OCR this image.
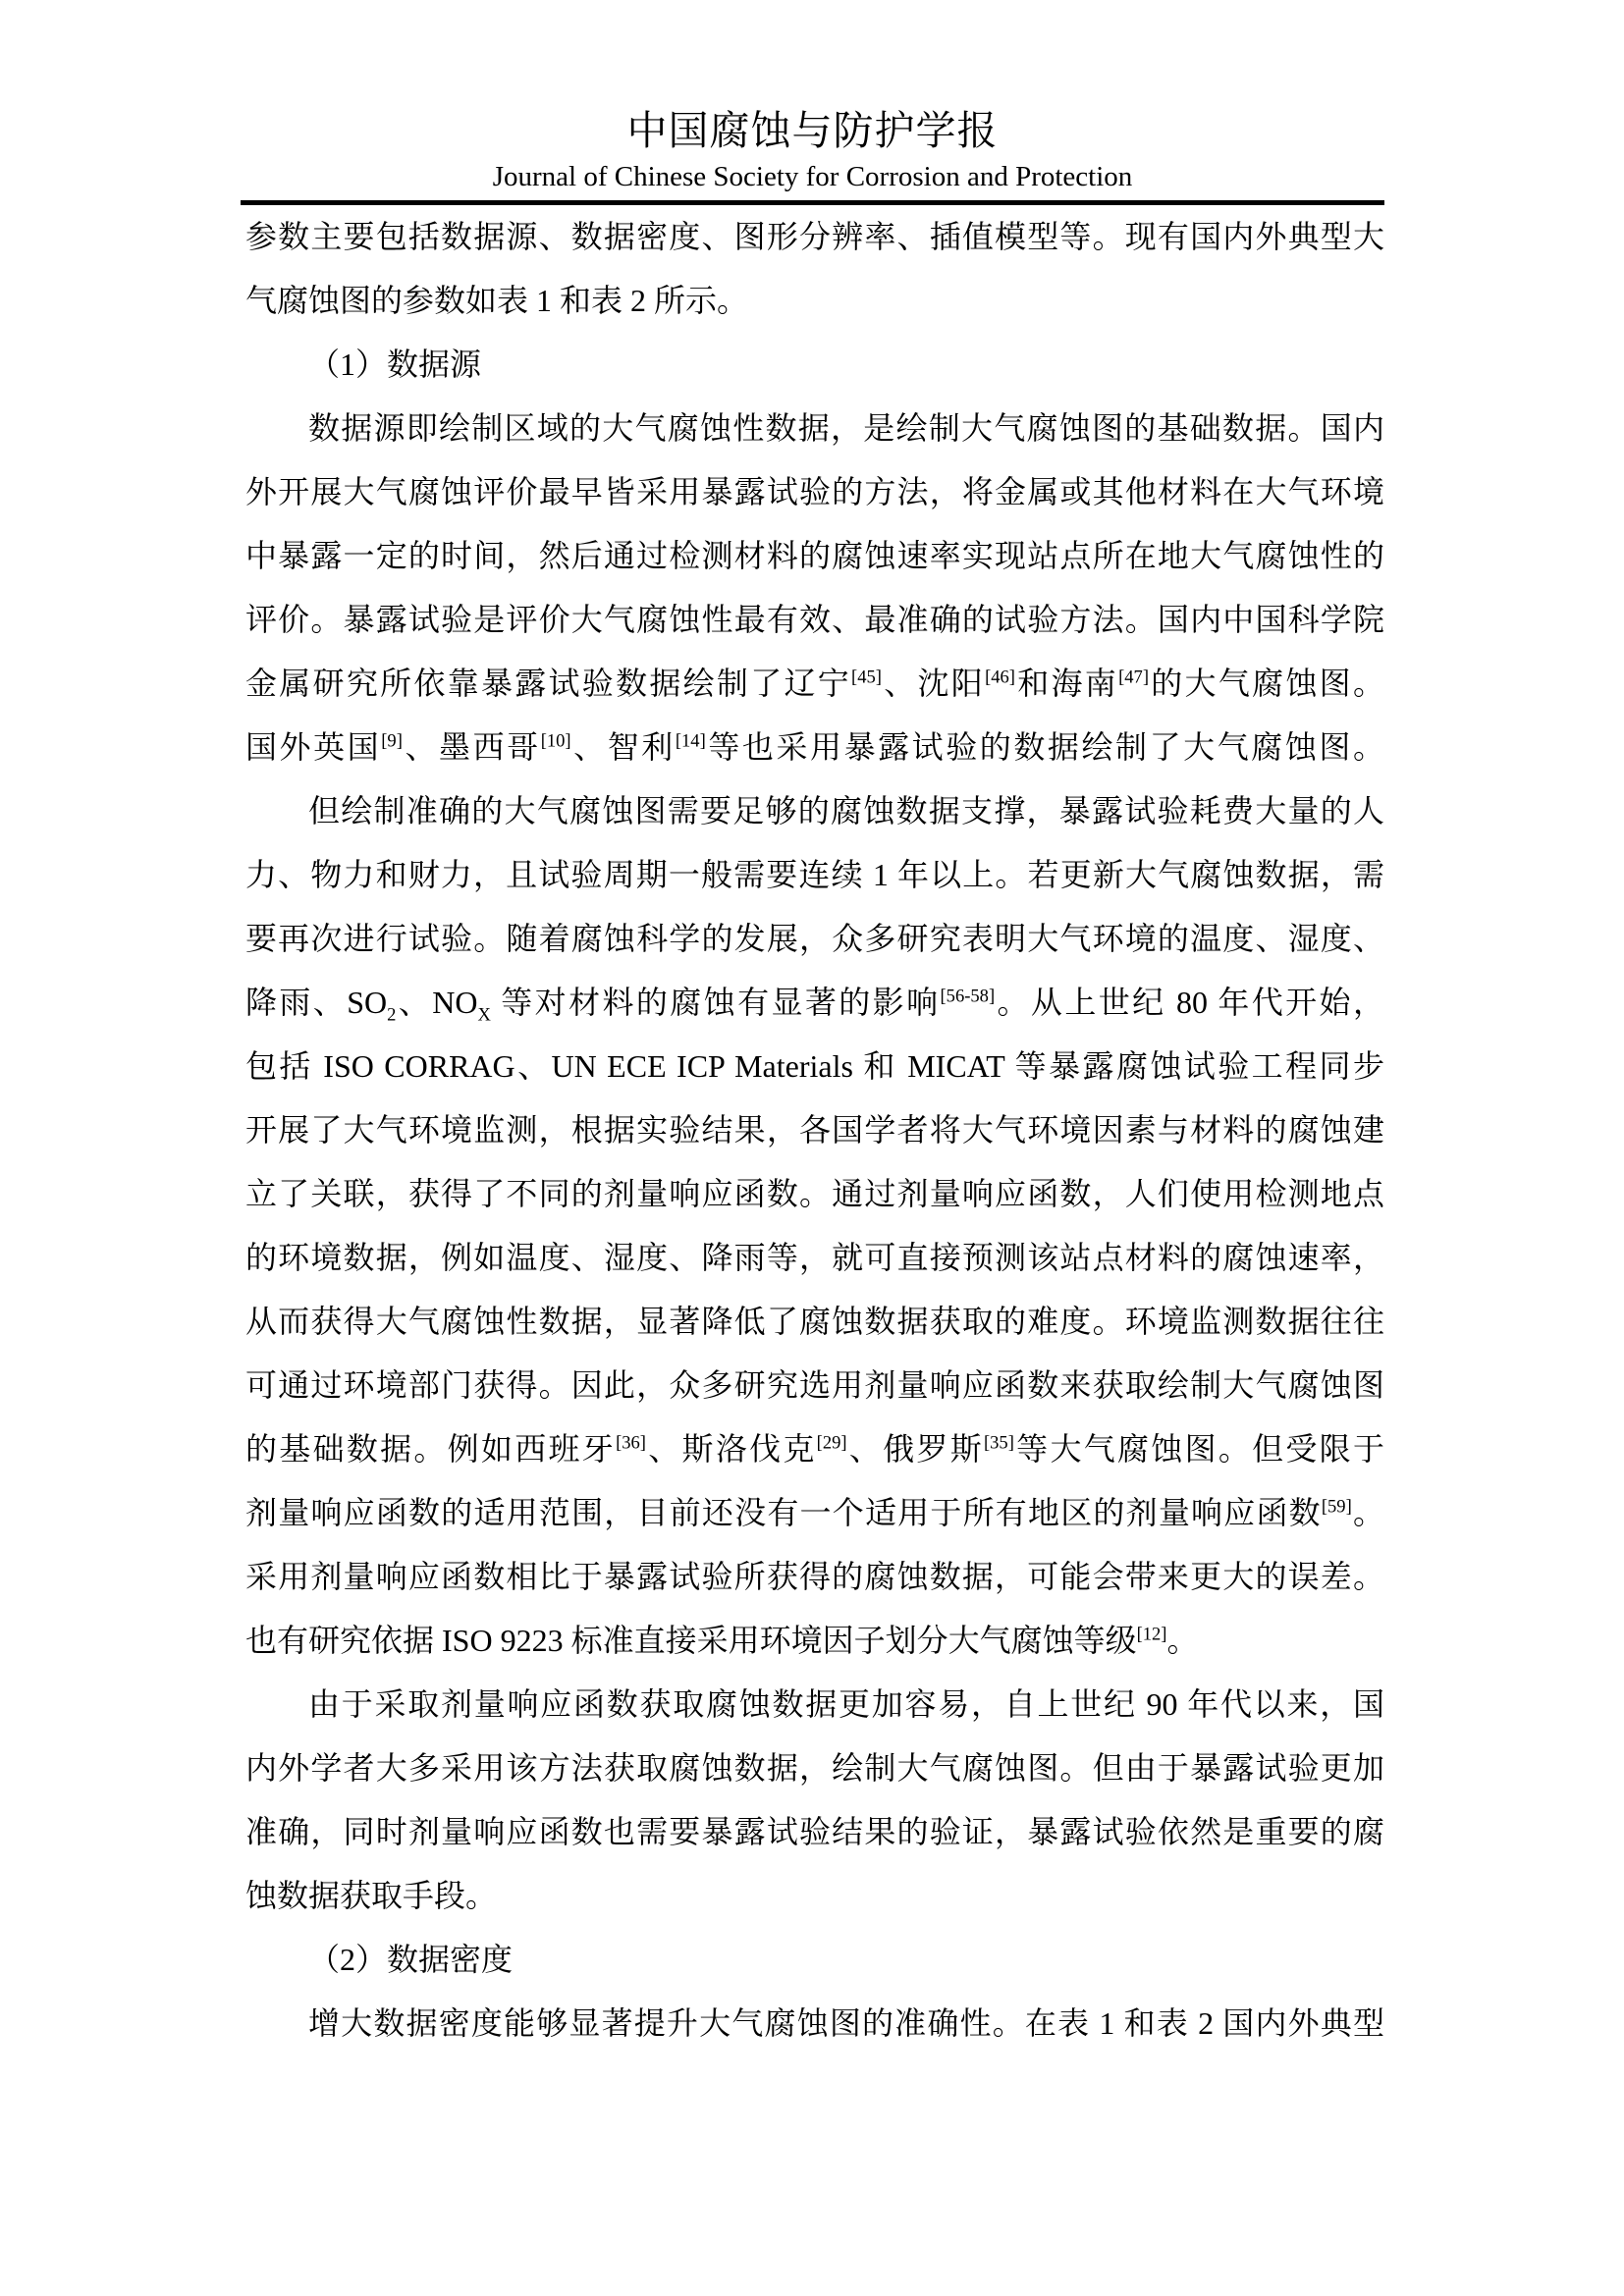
中国腐蚀与防护学报
Journal of Chinese Society for Corrosion and Protection
参数主要包括数据源、数据密度、图形分辨率、插值模型等。现有国内外典型大
气腐蚀图的参数如表 1 和表 2 所示。
（1）数据源
数据源即绘制区域的大气腐蚀性数据，是绘制大气腐蚀图的基础数据。国内
外开展大气腐蚀评价最早皆采用暴露试验的方法，将金属或其他材料在大气环境
中暴露一定的时间，然后通过检测材料的腐蚀速率实现站点所在地大气腐蚀性的
评价。暴露试验是评价大气腐蚀性最有效、最准确的试验方法。国内中国科学院
金属研究所依靠暴露试验数据绘制了辽宁[45]、沈阳[46]和海南[47]的大气腐蚀图。
国外英国[9]、墨西哥[10]、智利[14]等也采用暴露试验的数据绘制了大气腐蚀图。
但绘制准确的大气腐蚀图需要足够的腐蚀数据支撑，暴露试验耗费大量的人
力、物力和财力，且试验周期一般需要连续 1 年以上。若更新大气腐蚀数据，需
要再次进行试验。随着腐蚀科学的发展，众多研究表明大气环境的温度、湿度、
降雨、$SO_2$、$NO_X$ 等对材料的腐蚀有显著的影响[56-58]。从上世纪 80 年代开始，
包括 ISO CORRAG、UN ECE ICP Materials 和 MICAT 等暴露腐蚀试验工程同步
开展了大气环境监测，根据实验结果，各国学者将大气环境因素与材料的腐蚀建
立了关联，获得了不同的剂量响应函数。通过剂量响应函数，人们使用检测地点
的环境数据，例如温度、湿度、降雨等，就可直接预测该站点材料的腐蚀速率，
从而获得大气腐蚀性数据，显著降低了腐蚀数据获取的难度。环境监测数据往往
可通过环境部门获得。因此，众多研究选用剂量响应函数来获取绘制大气腐蚀图
的基础数据。例如西班牙[36]、斯洛伐克[29]、俄罗斯[35]等大气腐蚀图。但受限于
剂量响应函数的适用范围，目前还没有一个适用于所有地区的剂量响应函数[59]。
采用剂量响应函数相比于暴露试验所获得的腐蚀数据，可能会带来更大的误差。
也有研究依据 ISO 9223 标准直接采用环境因子划分大气腐蚀等级[12]。
由于采取剂量响应函数获取腐蚀数据更加容易，自上世纪 90 年代以来，国
内外学者大多采用该方法获取腐蚀数据，绘制大气腐蚀图。但由于暴露试验更加
准确，同时剂量响应函数也需要暴露试验结果的验证，暴露试验依然是重要的腐
蚀数据获取手段。
（2）数据密度
增大数据密度能够显著提升大气腐蚀图的准确性。在表 1 和表 2 国内外典型
